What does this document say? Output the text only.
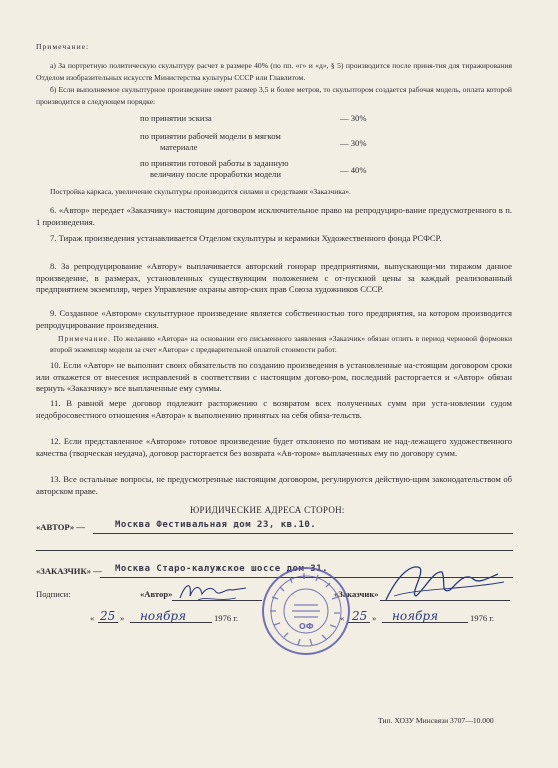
Примечание:
а) За портретную политическую скульптуру расчет в размере 40% (по пп. «г» и «д», § 5) производится после приня-тия для тиражирования Отделом изобразительных искусств Министерства культуры СССР или Главлитом.
б) Если выполняемое скульптурное произведение имеет размер 3,5 и более метров, то скульптором создается рабочая модель, оплата которой производится в следующем порядке:
по принятии эскиза	— 30%
по принятии рабочей модели в мягком
материале	— 30%
по принятии готовой работы в заданную
величину после проработки модели	— 40%
Постройка каркаса, увеличение скульптуры производится силами и средствами «Заказчика».
6. «Автор» передает «Заказчику» настоящим договором исключительное право на репродуциро-вание предусмотренного в п. 1 произведения.
7. Тираж произведения устанавливается Отделом скульптуры и керамики Художественного фонда РСФСР.
8. За репродуцирование «Автору» выплачивается авторский гонорар предприятиями, выпускающи-ми тиражом данное произведение, в размерах, установленных существующим положением с от-пускной цены за каждый реализованный предприятием экземпляр, через Управление охраны автор-ских прав Союза художников СССР.
9. Созданное «Автором» скульптурное произведение является собственностью того предприятия, на котором производится репродуцирование произведения.
Примечание. По желанию «Автора» на основании его письменного заявления «Заказчик» обязан отлить в период черновой формовки второй экземпляр модели за счет «Автора» с предварительной оплатой стоимости работ.
10. Если «Автор» не выполнит своих обязательств по созданию произведения в установленные на-стоящим договором сроки или откажется от внесения исправлений в соответствии с настоящим догово-ром, последний расторгается и «Автор» обязан вернуть «Заказчику» все выплаченные ему суммы.
11. В равной мере договор подлежит расторжению с возвратом всех полученных сумм при уста-новлении судом недобросовестного отношения «Автора» к выполнению принятых на себя обяза-тельств.
12. Если представленное «Автором» готовое произведение будет отклонено по мотивам не над-лежащего художественного качества (творческая неудача), договор расторгается без возврата «Ав-тором» выплаченных ему по договору сумм.
13. Все остальные вопросы, не предусмотренные настоящим договором, регулируются действую-щим законодательством об авторском праве.
ЮРИДИЧЕСКИЕ АДРЕСА СТОРОН:
«АВТОР» —	Москва Фестивальная дом 23, кв.10.
«ЗАКАЗЧИК» — Москва Старо-калужское шоссе дом 31.
Подписи:	«Автор»	«Заказчик»
« 25 » ноября	1976 г.	« 25 » ноября	1976 г.
ОФ
Тип. ХОЗУ Минсвязи 3707—10.000
